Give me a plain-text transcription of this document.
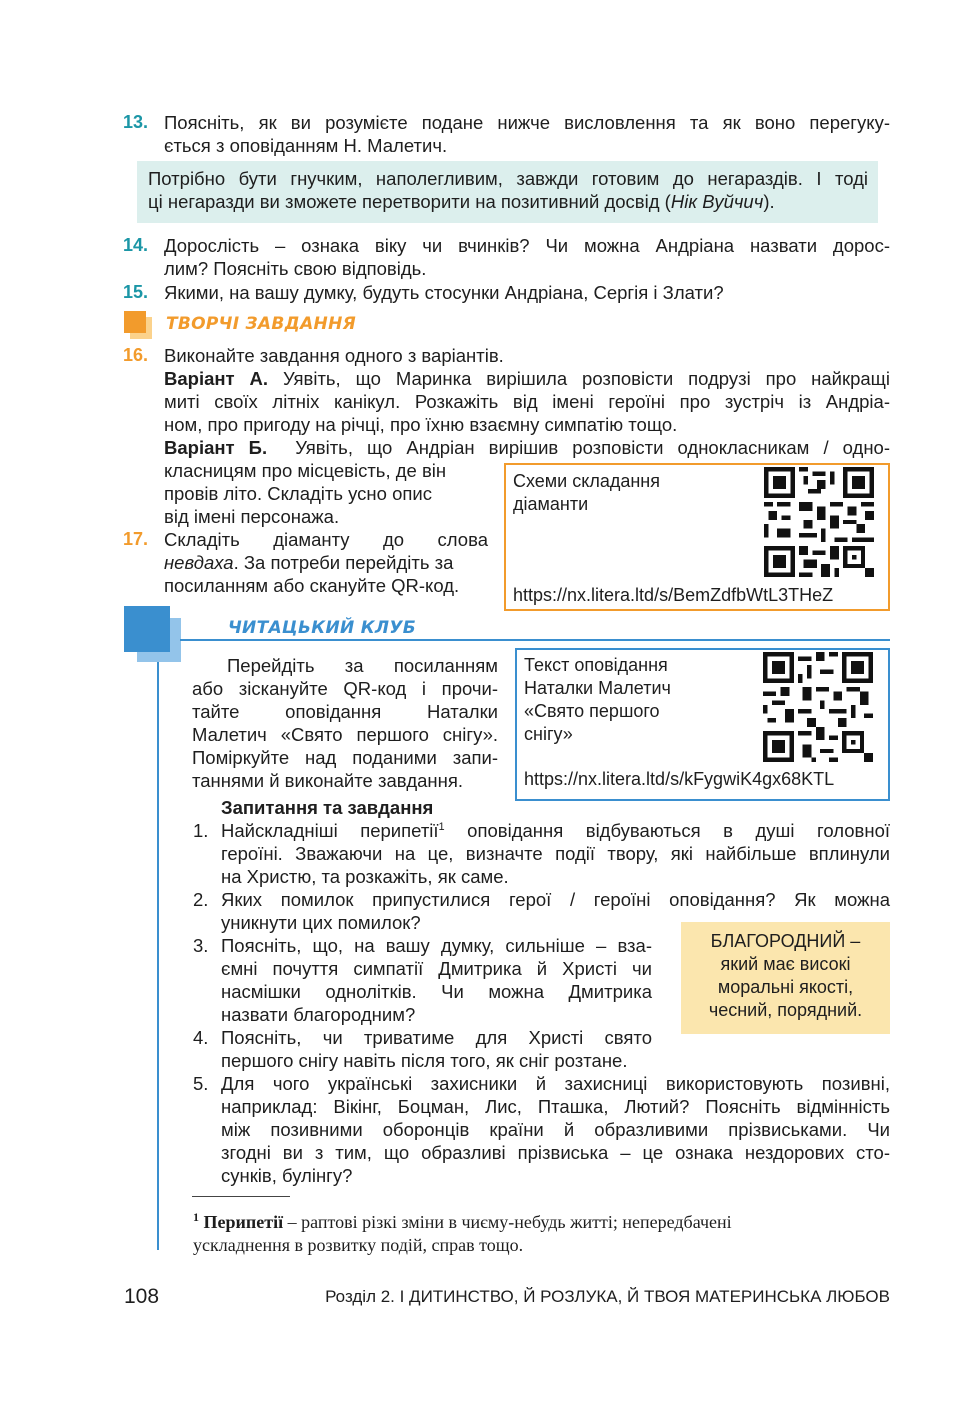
13. Поясніть, як ви розумієте подане нижче висловлення та як воно перегуку-
ється з оповіданням Н. Малетич.
Потрібно бути гнучким, наполегливим, завжди готовим до негараздів. І тоді
ці негаразди ви зможете перетворити на позитивний досвід (Нік Вуйчич).
14. Дорослість – ознака віку чи вчинків? Чи можна Андріана назвати дорос-
лим? Поясніть свою відповідь.
15. Якими, на вашу думку, будуть стосунки Андріана, Сергія і Злати?
ТВОРЧІ ЗАВДАННЯ
16. Виконайте завдання одного з варіантів.
Варіант А. Уявіть, що Маринка вирішила розповісти подрузі про найкращі
миті своїх літніх канікул. Розкажіть від імені героїні про зустріч із Андріа-
ном, про пригоду на річці, про їхню взаємну симпатію тощо.
Варіант Б. Уявіть, що Андріан вирішив розповісти однокласникам / одно-
класницям про місцевість, де він
провів літо. Складіть усно опис
від імені персонажа.
17. Складіть діаманту до слова
невдаха. За потреби перейдіть за
посиланням або скануйте QR-код.
Схеми складання
діаманти
https://nx.litera.ltd/s/BemZdfbWtL3THeZ
ЧИТАЦЬКИЙ КЛУБ
Перейдіть за посиланням
або зіскануйте QR-код і прочи-
тайте оповідання Наталки
Малетич «Свято першого снігу».
Поміркуйте над поданими запи-
таннями й виконайте завдання.
Текст оповідання
Наталки Малетич
«Свято першого
снігу»
https://nx.litera.ltd/s/kFygwiK4gx68KTL
Запитання та завдання
1. Найскладніші перипетії$^1$ оповідання відбуваються в душі головної
героїні. Зважаючи на це, визначте події твору, які найбільше вплинули
на Христю, та розкажіть, як саме.
2. Яких помилок припустилися герої / героїні оповідання? Як можна
уникнути цих помилок?
3. Поясніть, що, на вашу думку, сильніше – вза-
ємні почуття симпатії Дмитрика й Христі чи
насмішки однолітків. Чи можна Дмитрика
назвати благородним?
4. Поясніть, чи триватиме для Христі свято
першого снігу навіть після того, як сніг розтане.
5. Для чого українські захисники й захисниці використовують позивні,
наприклад: Вікінг, Боцман, Лис, Пташка, Лютий? Поясніть відмінність
між позивними оборонців країни й образливими прізвиськами. Чи
згодні ви з тим, що образливі прізвиська – це ознака нездорових сто-
сунків, булінгу?
БЛАГОРОДНИЙ –
який має високі
моральні якості,
чесний, порядний.
$^1$ Перипетії – раптові різкі зміни в чиєму-небудь житті; непередбачені
ускладнення в розвитку подій, справ тощо.
108	Розділ 2. І ДИТИНСТВО, Й РОЗЛУКА, Й ТВОЯ МАТЕРИНСЬКА ЛЮБОВ
